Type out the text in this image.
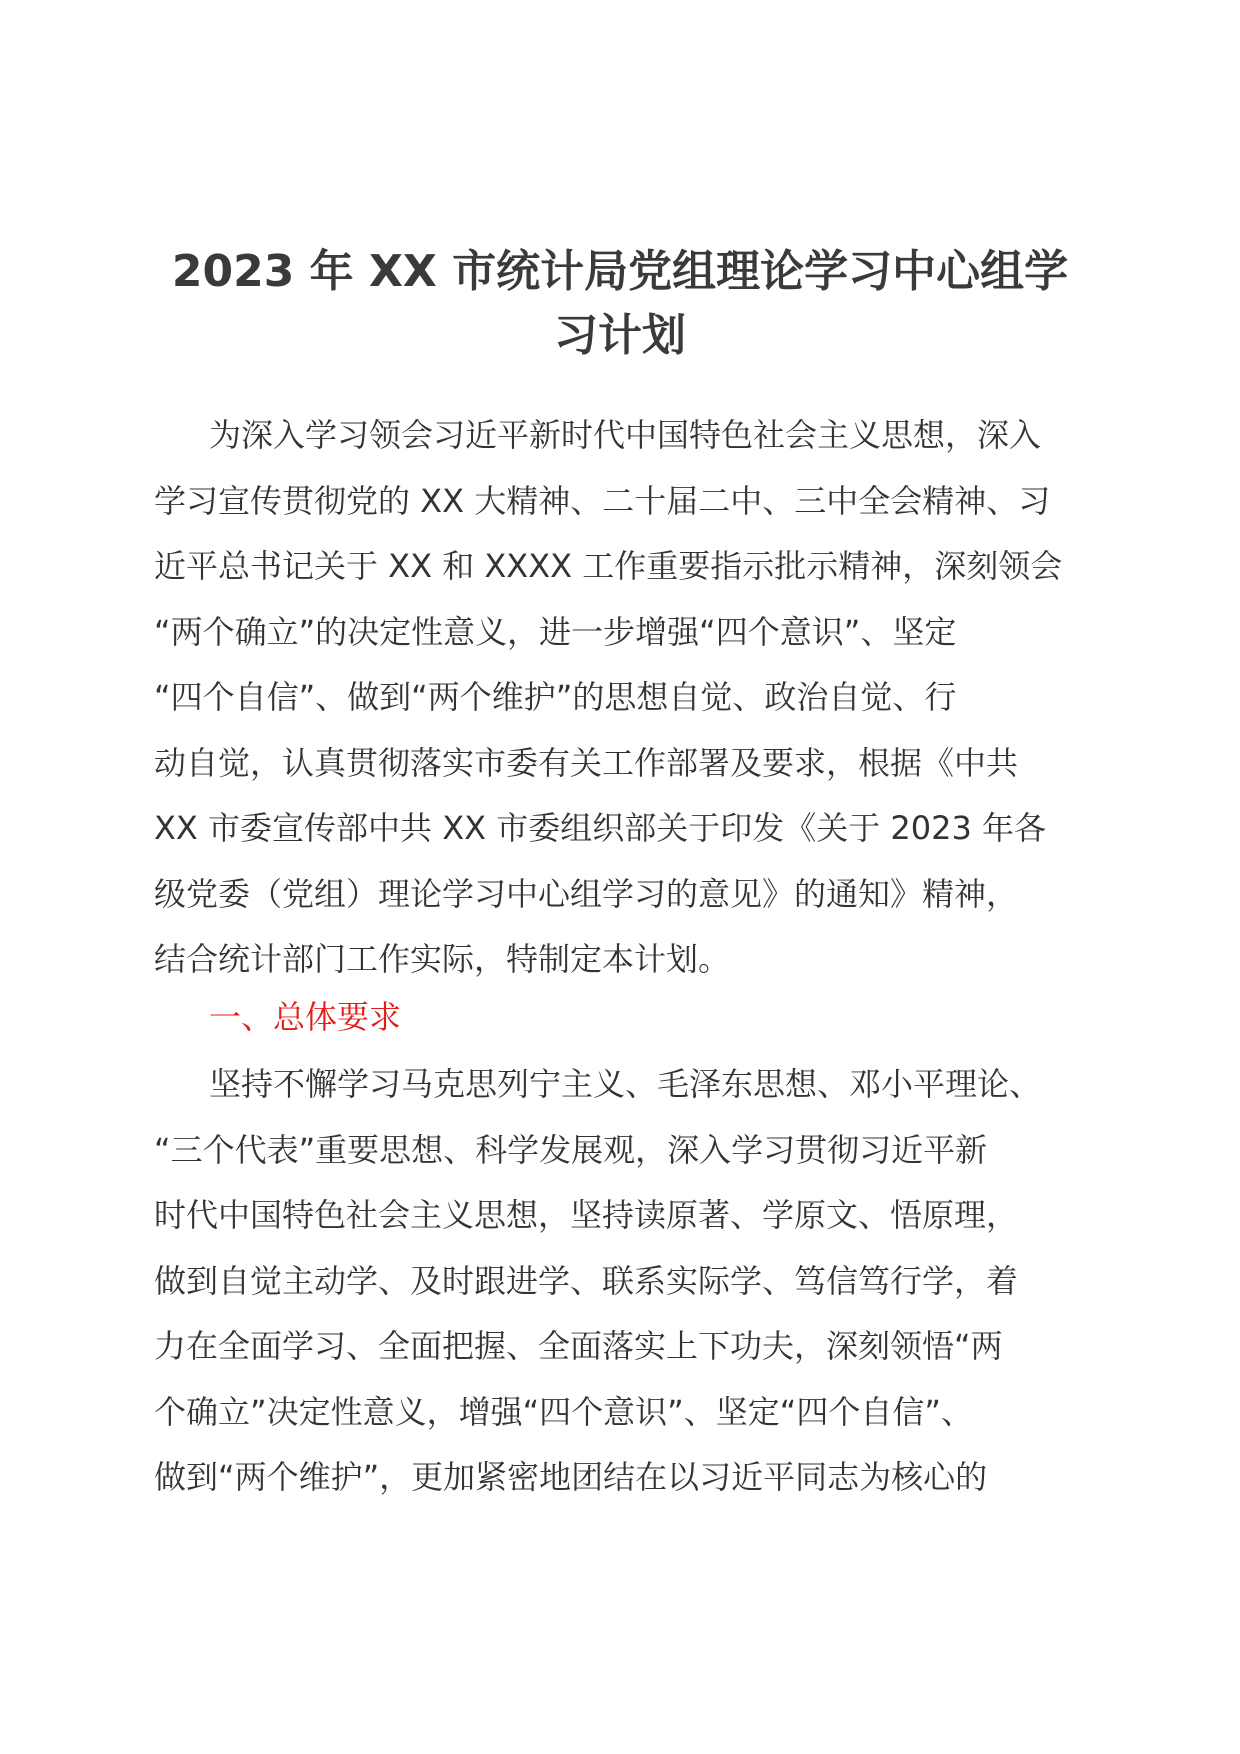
2023 年 XX 市统计局党组理论学习中心组学
习计划
为深入学习领会习近平新时代中国特色社会主义思想，深入
学习宣传贯彻党的 XX 大精神、二十届二中、三中全会精神、习
近平总书记关于 XX 和 XXXX 工作重要指示批示精神，深刻领会
“两个确立”的决定性意义，进一步增强“四个意识”、坚定
“四个自信”、做到“两个维护”的思想自觉、政治自觉、行
动自觉，认真贯彻落实市委有关工作部署及要求，根据《中共
XX 市委宣传部中共 XX 市委组织部关于印发《关于 2023 年各
级党委（党组）理论学习中心组学习的意见》的通知》精神，
结合统计部门工作实际，特制定本计划。
一、总体要求
坚持不懈学习马克思列宁主义、毛泽东思想、邓小平理论、
“三个代表”重要思想、科学发展观，深入学习贯彻习近平新
时代中国特色社会主义思想，坚持读原著、学原文、悟原理，
做到自觉主动学、及时跟进学、联系实际学、笃信笃行学，着
力在全面学习、全面把握、全面落实上下功夫，深刻领悟“两
个确立”决定性意义，增强“四个意识”、坚定“四个自信”、
做到“两个维护”，更加紧密地团结在以习近平同志为核心的
